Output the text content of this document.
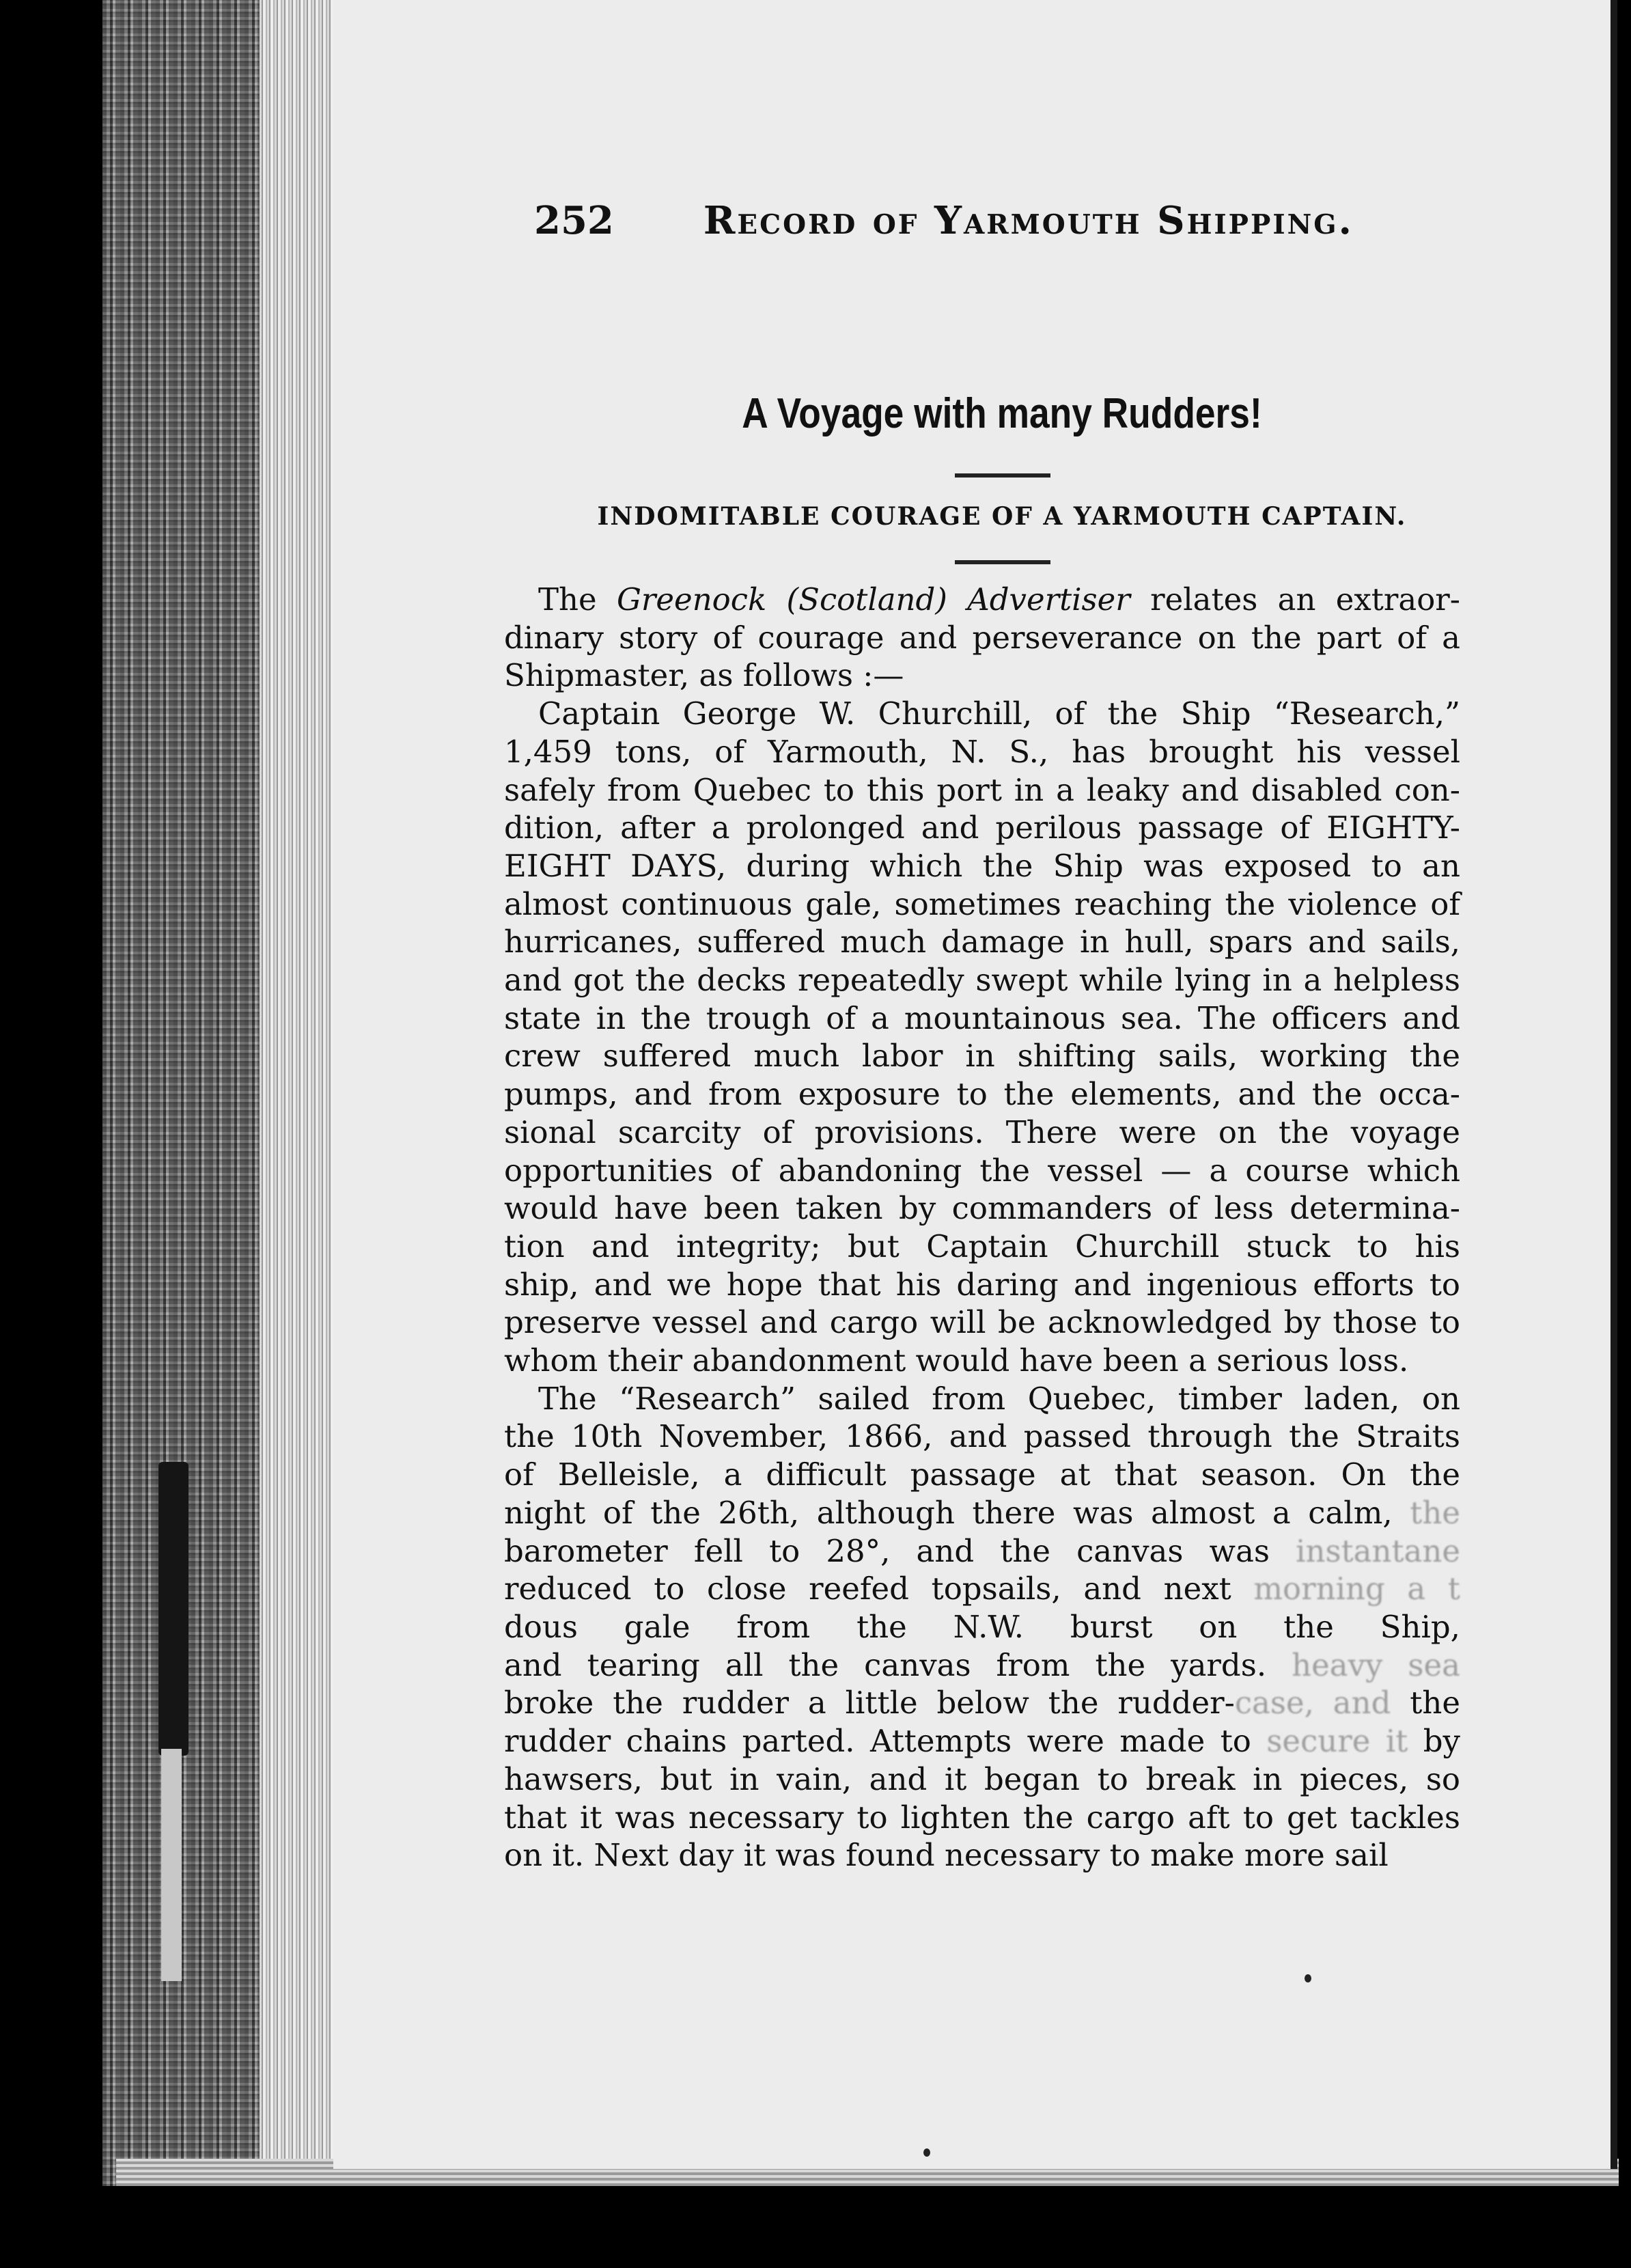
252 Record of Yarmouth Shipping.
A Voyage with many Rudders!
INDOMITABLE COURAGE OF A YARMOUTH CAPTAIN.
The Greenock (Scotland) Advertiser relates an extraor-
dinary story of courage and perseverance on the part of a
Shipmaster, as follows :—
Captain George W. Churchill, of the Ship “Research,”
1,459 tons, of Yarmouth, N. S., has brought his vessel
safely from Quebec to this port in a leaky and disabled con-
dition, after a prolonged and perilous passage of EIGHTY-
EIGHT DAYS, during which the Ship was exposed to an
almost continuous gale, sometimes reaching the violence of
hurricanes, suffered much damage in hull, spars and sails,
and got the decks repeatedly swept while lying in a helpless
state in the trough of a mountainous sea. The officers and
crew suffered much labor in shifting sails, working the
pumps, and from exposure to the elements, and the occa-
sional scarcity of provisions. There were on the voyage
opportunities of abandoning the vessel — a course which
would have been taken by commanders of less determina-
tion and integrity; but Captain Churchill stuck to his
ship, and we hope that his daring and ingenious efforts to
preserve vessel and cargo will be acknowledged by those to
whom their abandonment would have been a serious loss.
The “Research” sailed from Quebec, timber laden, on
the 10th November, 1866, and passed through the Straits
of Belleisle, a difficult passage at that season. On the
night of the 26th, although there was almost a calm, the
barometer fell to 28°, and the canvas was instantane
reduced to close reefed topsails, and next morning a t
dous gale from the N.W. burst on the Ship,
and tearing all the canvas from the yards. heavy sea
broke the rudder a little below the rudder-case, and the
rudder chains parted. Attempts were made to secure it by
hawsers, but in vain, and it began to break in pieces, so
that it was necessary to lighten the cargo aft to get tackles
on it. Next day it was found necessary to make more sail
